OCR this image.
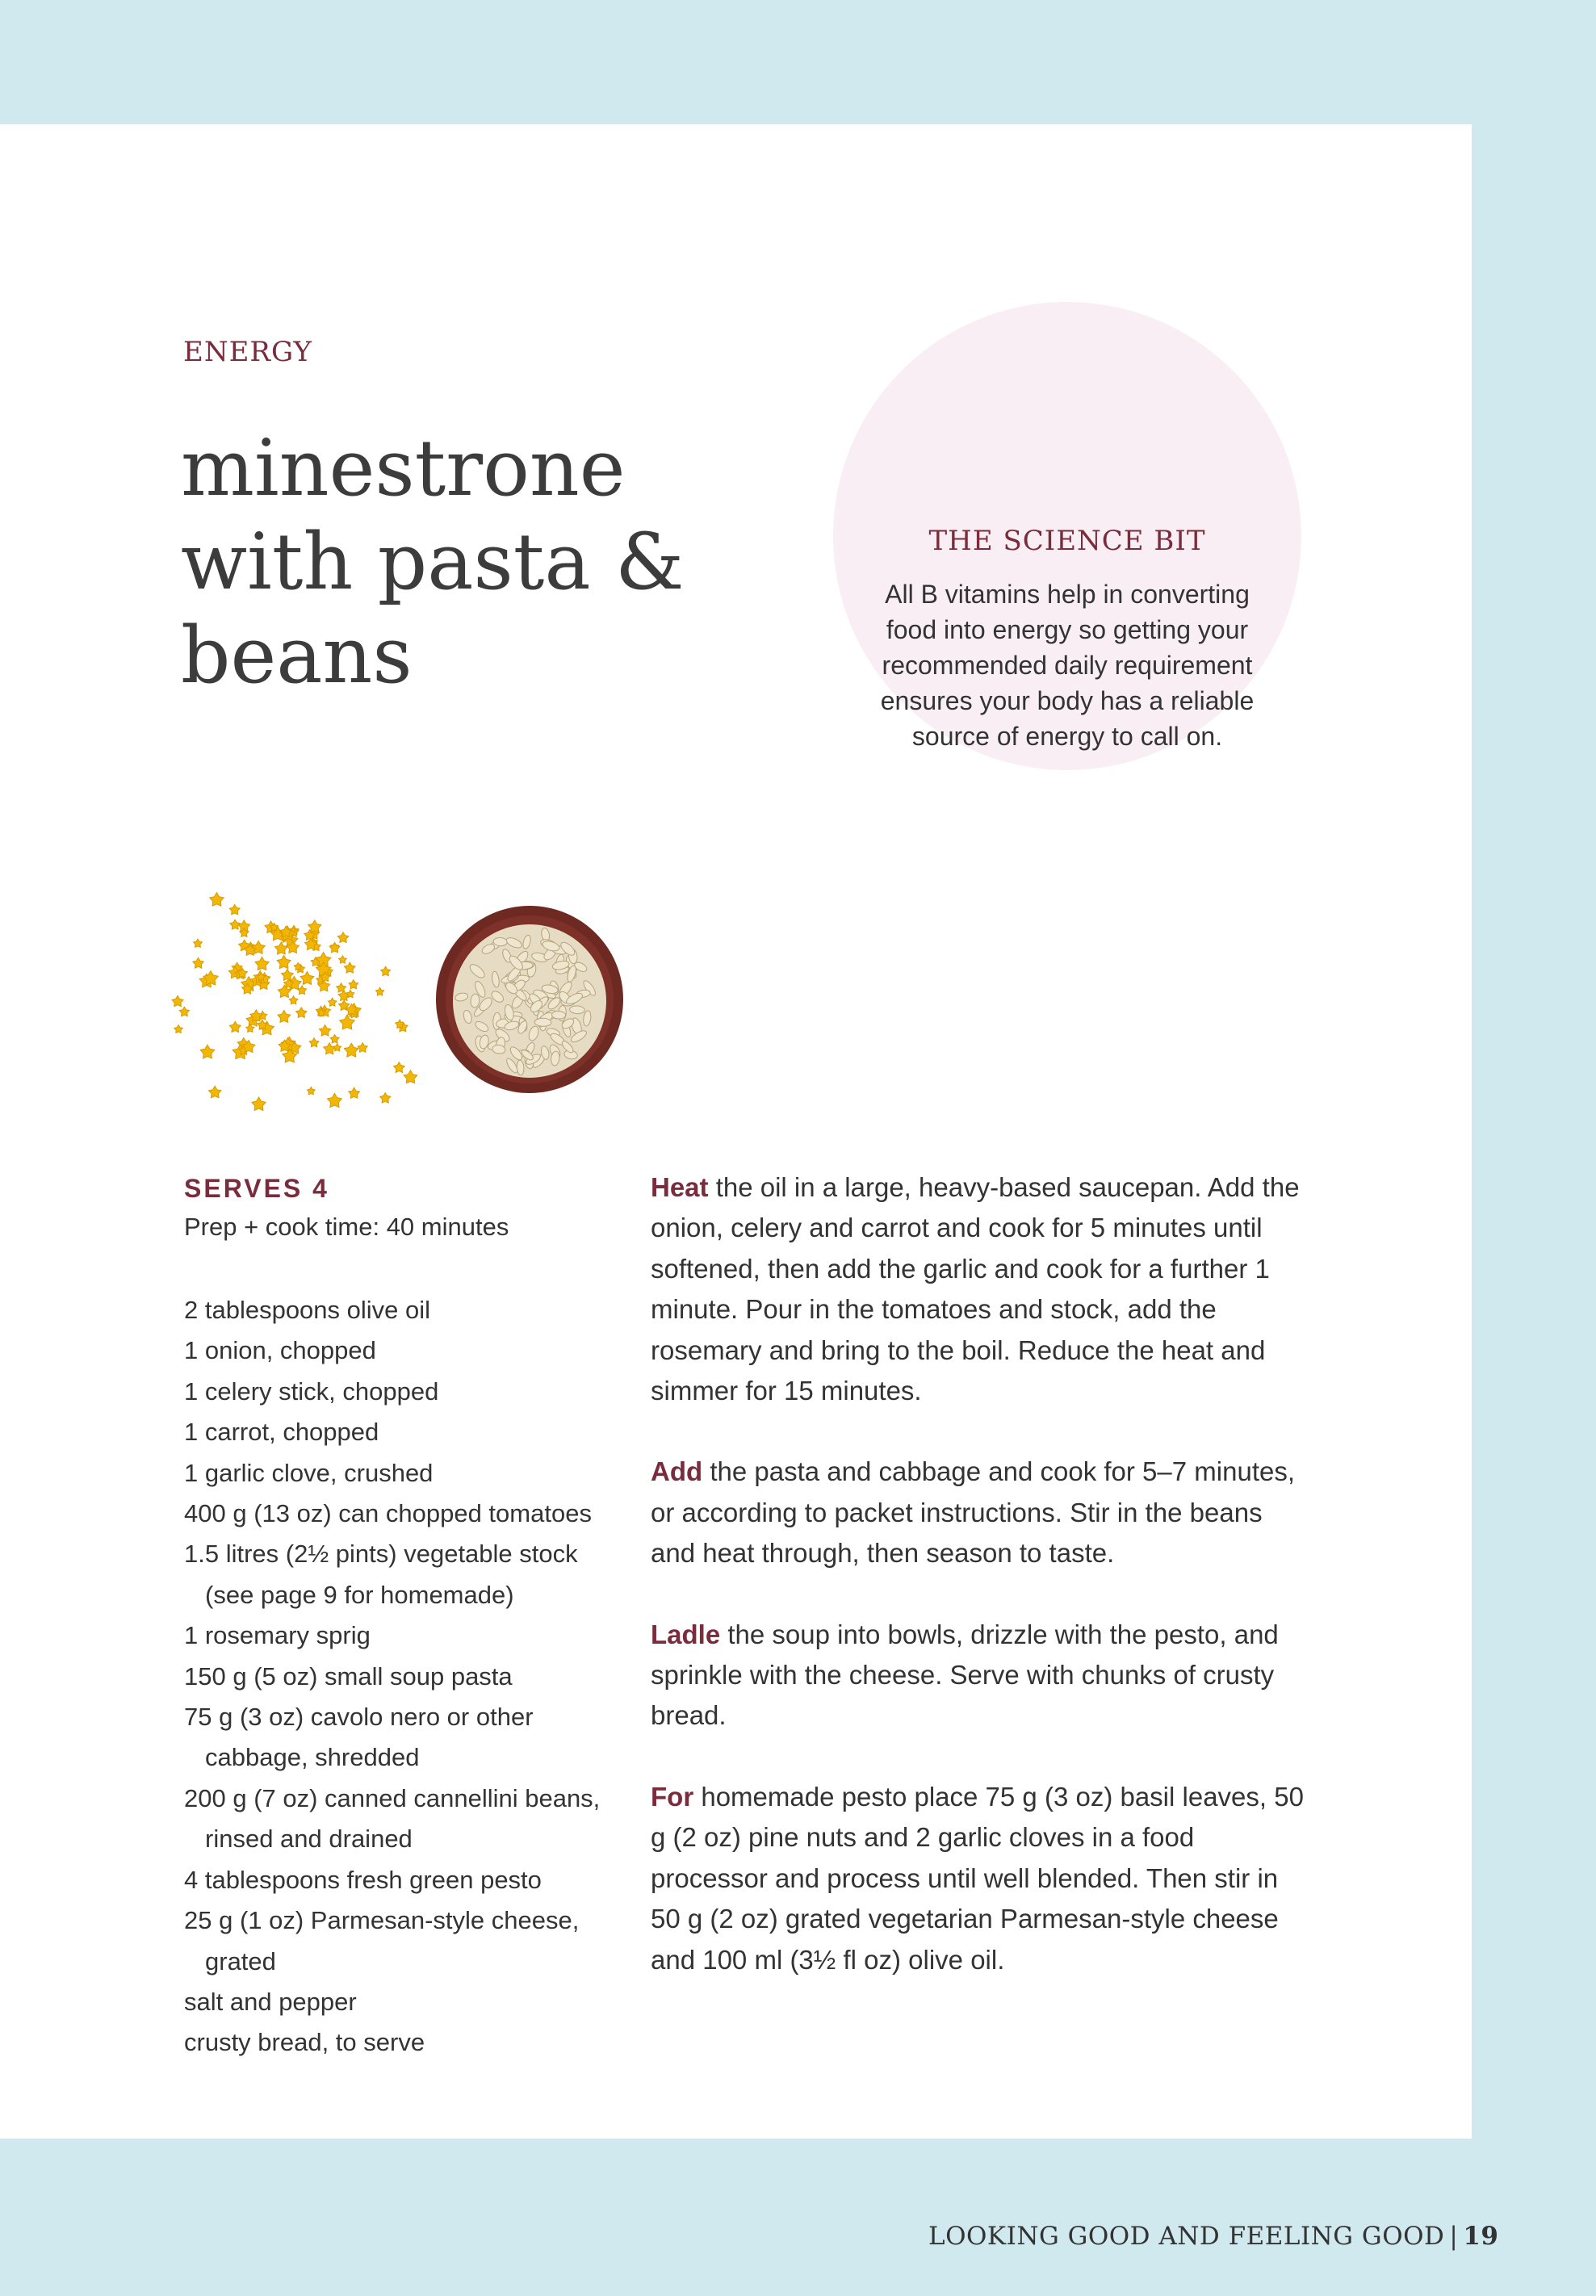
ENERGY
minestrone with pasta & beans
THE SCIENCE BIT
All B vitamins help in converting food into energy so getting your recommended daily requirement ensures your body has a reliable source of energy to call on.
SERVES 4
Prep + cook time: 40 minutes
2 tablespoons olive oil
1 onion, chopped
1 celery stick, chopped
1 carrot, chopped
1 garlic clove, crushed
400 g (13 oz) can chopped tomatoes
1.5 litres (2½ pints) vegetable stock (see page 9 for homemade)
1 rosemary sprig
150 g (5 oz) small soup pasta
75 g (3 oz) cavolo nero or other cabbage, shredded
200 g (7 oz) canned cannellini beans, rinsed and drained
4 tablespoons fresh green pesto
25 g (1 oz) Parmesan-style cheese, grated
salt and pepper
crusty bread, to serve

Heat the oil in a large, heavy-based saucepan. Add the onion, celery and carrot and cook for 5 minutes until softened, then add the garlic and cook for a further 1 minute. Pour in the tomatoes and stock, add the rosemary and bring to the boil. Reduce the heat and simmer for 15 minutes.

Add the pasta and cabbage and cook for 5–7 minutes, or according to packet instructions. Stir in the beans and heat through, then season to taste.

Ladle the soup into bowls, drizzle with the pesto, and sprinkle with the cheese. Serve with chunks of crusty bread.

For homemade pesto place 75 g (3 oz) basil leaves, 50 g (2 oz) pine nuts and 2 garlic cloves in a food processor and process until well blended. Then stir in 50 g (2 oz) grated vegetarian Parmesan-style cheese and 100 ml (3½ fl oz) olive oil.

LOOKING GOOD AND FEELING GOOD | 19
